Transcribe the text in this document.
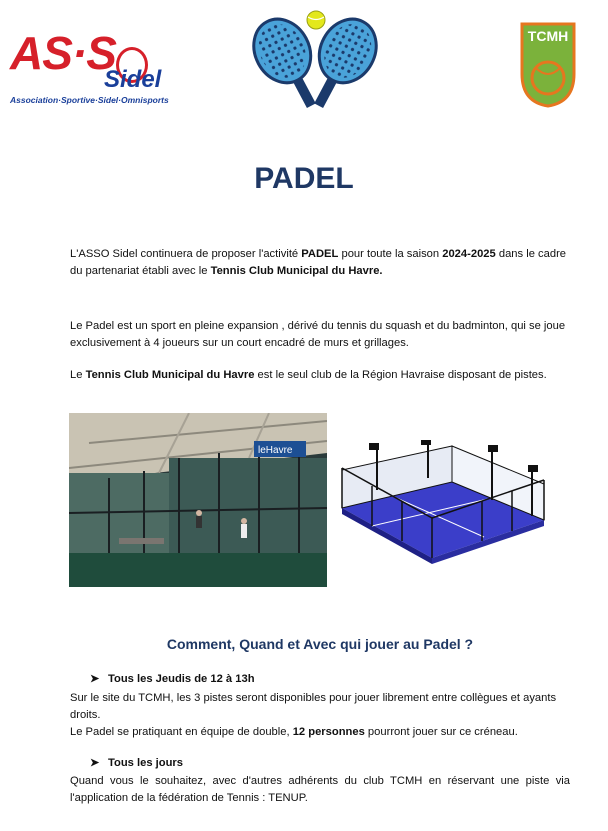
AS·S
Sidel
Association·Sportive·Sidel·Omnisports
TCMH
PADEL
L'ASSO Sidel continuera de proposer l'activité PADEL pour toute la saison 2024-2025 dans le cadre du partenariat établi avec le Tennis Club Municipal du Havre.
Le Padel est un sport en pleine expansion , dérivé du tennis du squash et du badminton, qui se joue exclusivement à 4 joueurs sur un court encadré de murs et grillages.
Le Tennis Club Municipal du Havre est le seul club de la Région Havraise disposant de pistes.
leHavre
Comment, Quand et Avec qui jouer au Padel ?
➤ Tous les Jeudis de 12 à 13h
Sur le site du TCMH, les 3 pistes seront disponibles pour jouer librement entre collègues et ayants droits.
Le Padel se pratiquant en équipe de double, 12 personnes pourront jouer sur ce créneau.
➤ Tous les jours
Quand vous le souhaitez, avec d'autres adhérents du club TCMH en réservant une piste via l'application de la fédération de Tennis : TENUP.
